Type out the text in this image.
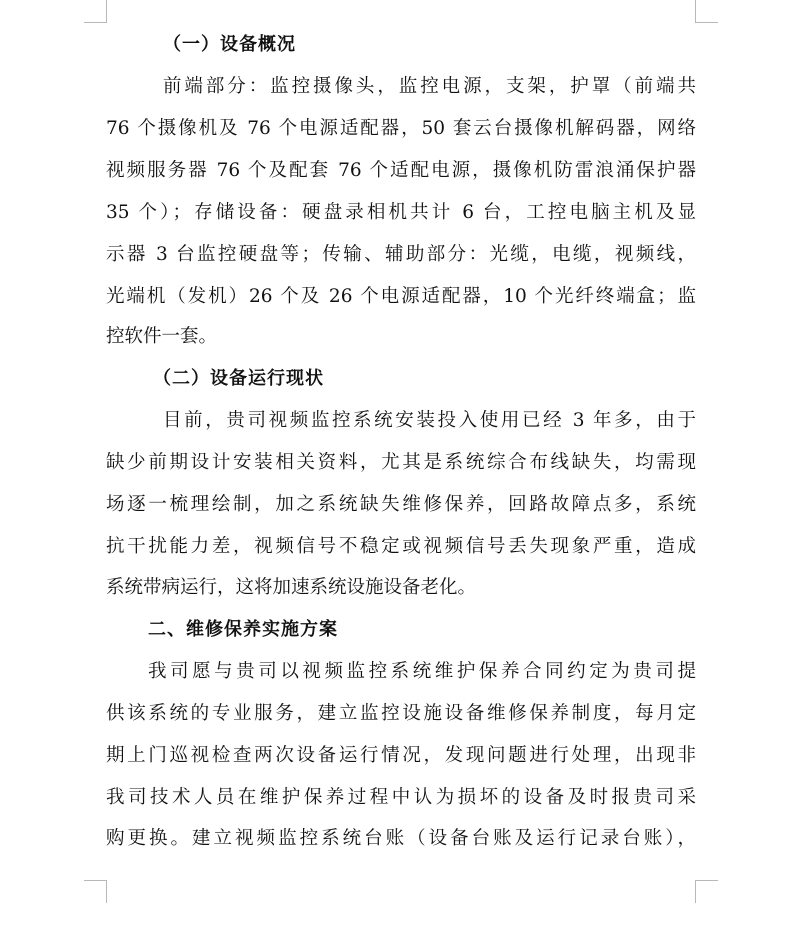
（一）设备概况
前端部分：监控摄像头，监控电源，支架，护罩（前端共
76 个摄像机及 76 个电源适配器，50 套云台摄像机解码器，网络
视频服务器 76 个及配套 76 个适配电源，摄像机防雷浪涌保护器
35 个）；存储设备：硬盘录相机共计 6 台，工控电脑主机及显
示器 3 台监控硬盘等；传输、辅助部分：光缆，电缆，视频线，
光端机（发机）26 个及 26 个电源适配器，10 个光纤终端盒；监
控软件一套。
（二）设备运行现状
目前，贵司视频监控系统安装投入使用已经 3 年多，由于
缺少前期设计安装相关资料，尤其是系统综合布线缺失，均需现
场逐一梳理绘制，加之系统缺失维修保养，回路故障点多，系统
抗干扰能力差，视频信号不稳定或视频信号丢失现象严重，造成
系统带病运行，这将加速系统设施设备老化。
二、维修保养实施方案
我司愿与贵司以视频监控系统维护保养合同约定为贵司提
供该系统的专业服务，建立监控设施设备维修保养制度，每月定
期上门巡视检查两次设备运行情况，发现问题进行处理，出现非
我司技术人员在维护保养过程中认为损坏的设备及时报贵司采
购更换。建立视频监控系统台账（设备台账及运行记录台账），
